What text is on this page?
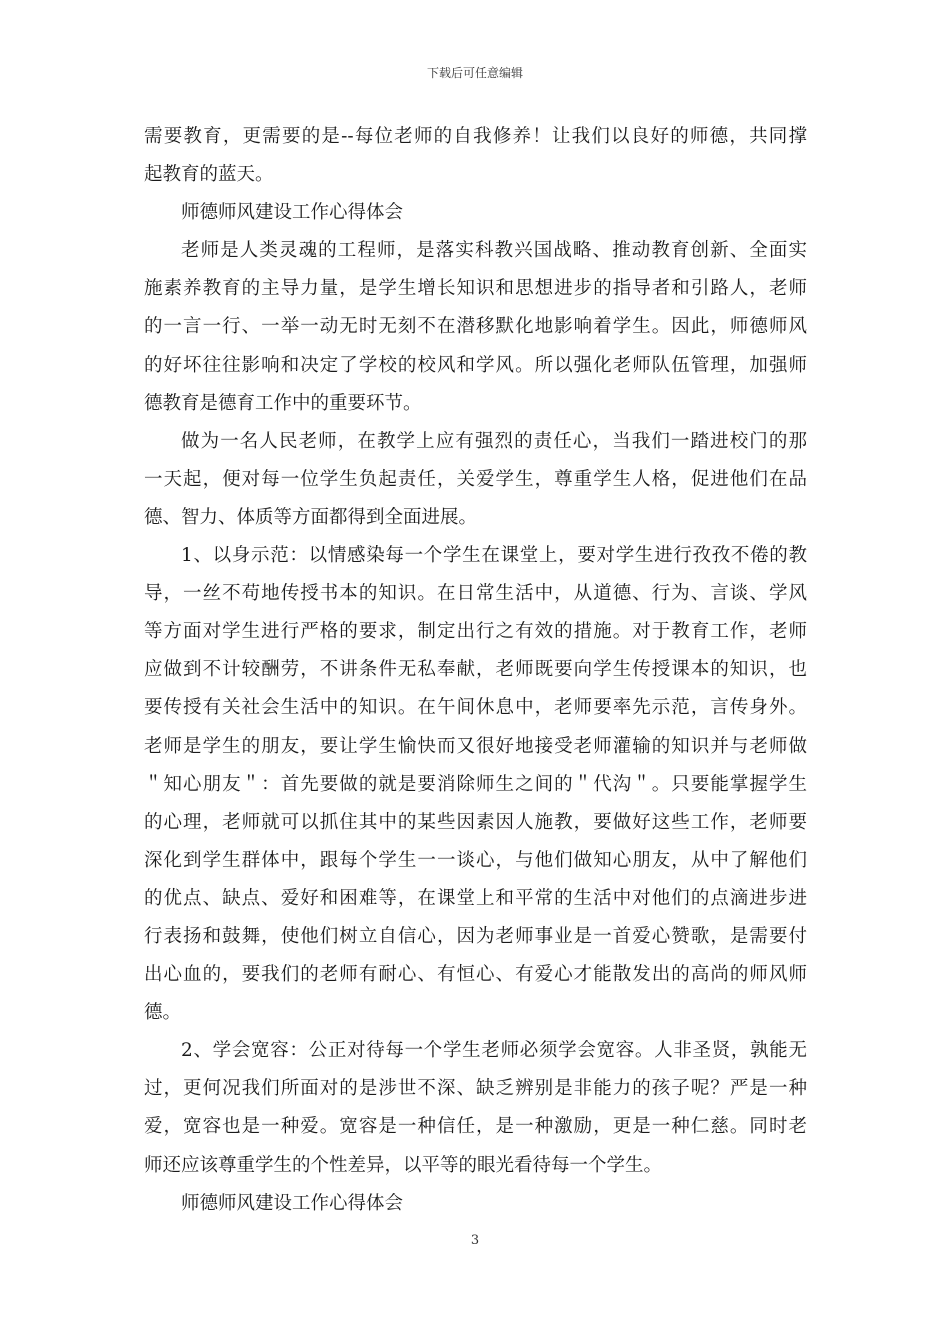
下载后可任意编辑
需要教育，更需要的是--每位老师的自我修养！让我们以良好的师德，共同撑
起教育的蓝天。
师德师风建设工作心得体会
老师是人类灵魂的工程师，是落实科教兴国战略、推动教育创新、全面实
施素养教育的主导力量，是学生增长知识和思想进步的指导者和引路人，老师
的一言一行、一举一动无时无刻不在潜移默化地影响着学生。因此，师德师风
的好坏往往影响和决定了学校的校风和学风。所以强化老师队伍管理，加强师
德教育是德育工作中的重要环节。
做为一名人民老师，在教学上应有强烈的责任心，当我们一踏进校门的那
一天起，便对每一位学生负起责任，关爱学生，尊重学生人格，促进他们在品
德、智力、体质等方面都得到全面进展。
1、以身示范：以情感染每一个学生在课堂上，要对学生进行孜孜不倦的教
导，一丝不苟地传授书本的知识。在日常生活中，从道德、行为、言谈、学风
等方面对学生进行严格的要求，制定出行之有效的措施。对于教育工作，老师
应做到不计较酬劳，不讲条件无私奉献，老师既要向学生传授课本的知识，也
要传授有关社会生活中的知识。在午间休息中，老师要率先示范，言传身外。
老师是学生的朋友，要让学生愉快而又很好地接受老师灌输的知识并与老师做
＂知心朋友＂：首先要做的就是要消除师生之间的＂代沟＂。只要能掌握学生
的心理，老师就可以抓住其中的某些因素因人施教，要做好这些工作，老师要
深化到学生群体中，跟每个学生一一谈心，与他们做知心朋友，从中了解他们
的优点、缺点、爱好和困难等，在课堂上和平常的生活中对他们的点滴进步进
行表扬和鼓舞，使他们树立自信心，因为老师事业是一首爱心赞歌，是需要付
出心血的，要我们的老师有耐心、有恒心、有爱心才能散发出的高尚的师风师
德。
2、学会宽容：公正对待每一个学生老师必须学会宽容。人非圣贤，孰能无
过，更何况我们所面对的是涉世不深、缺乏辨别是非能力的孩子呢？严是一种
爱，宽容也是一种爱。宽容是一种信任，是一种激励，更是一种仁慈。同时老
师还应该尊重学生的个性差异，以平等的眼光看待每一个学生。
师德师风建设工作心得体会
3
